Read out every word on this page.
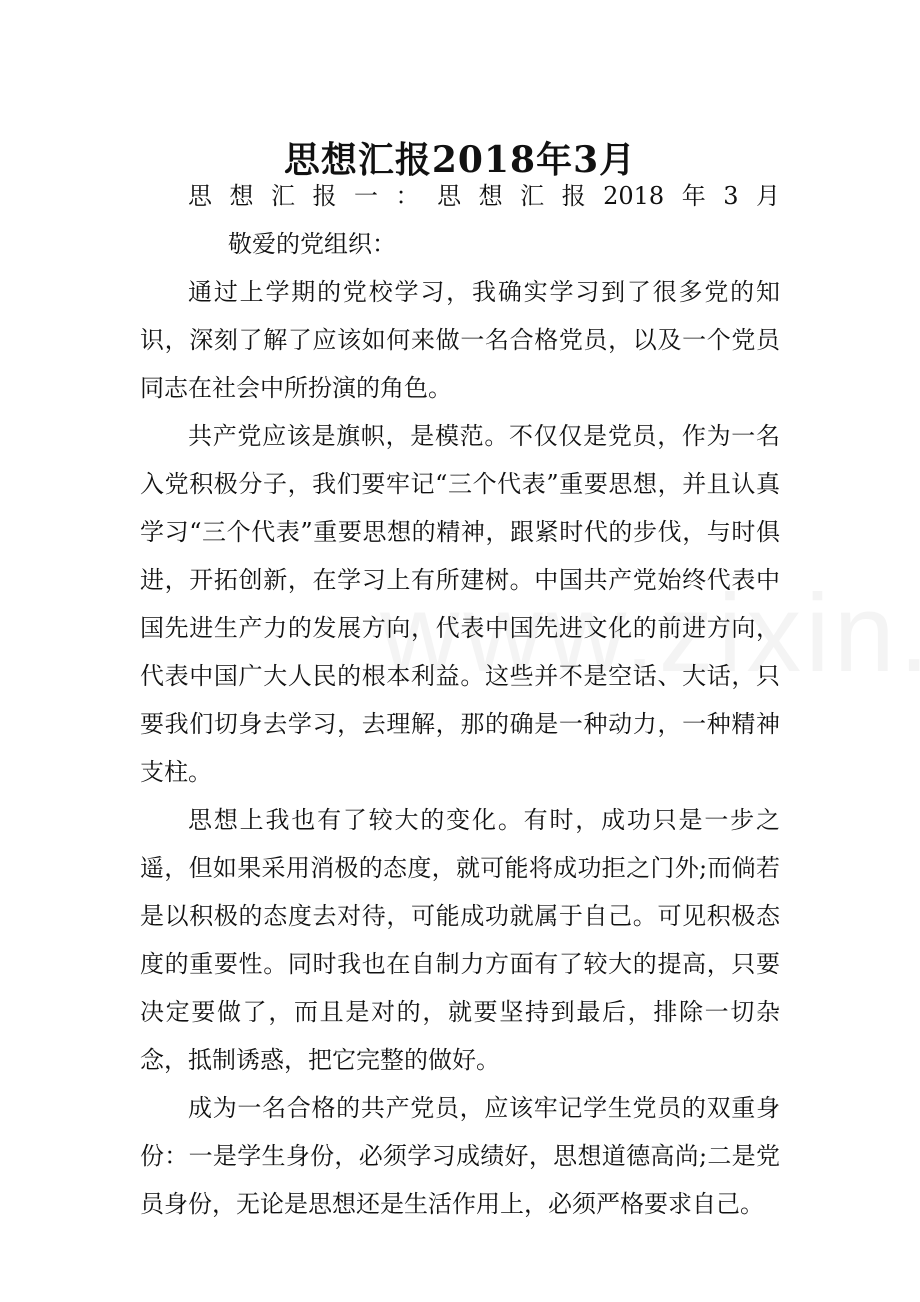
思想汇报2018年3月

思想汇报一：思想汇报2018年3月敬爱的党组织：

通过上学期的党校学习，我确实学习到了很多党的知识，深刻了解了应该如何来做一名合格党员，以及一个党员同志在社会中所扮演的角色。

共产党应该是旗帜，是模范。不仅仅是党员，作为一名入党积极分子，我们要牢记“三个代表”重要思想，并且认真学习“三个代表”重要思想的精神，跟紧时代的步伐，与时俱进，开拓创新，在学习上有所建树。中国共产党始终代表中国先进生产力的发展方向，代表中国先进文化的前进方向，代表中国广大人民的根本利益。这些并不是空话、大话，只要我们切身去学习，去理解，那的确是一种动力，一种精神支柱。

思想上我也有了较大的变化。有时，成功只是一步之遥，但如果采用消极的态度，就可能将成功拒之门外;而倘若是以积极的态度去对待，可能成功就属于自己。可见积极态度的重要性。同时我也在自制力方面有了较大的提高，只要决定要做了，而且是对的，就要坚持到最后，排除一切杂念，抵制诱惑，把它完整的做好。

成为一名合格的共产党员，应该牢记学生党员的双重身份：一是学生身份，必须学习成绩好，思想道德高尚;二是党员身份，无论是思想还是生活作用上，必须严格要求自己。
